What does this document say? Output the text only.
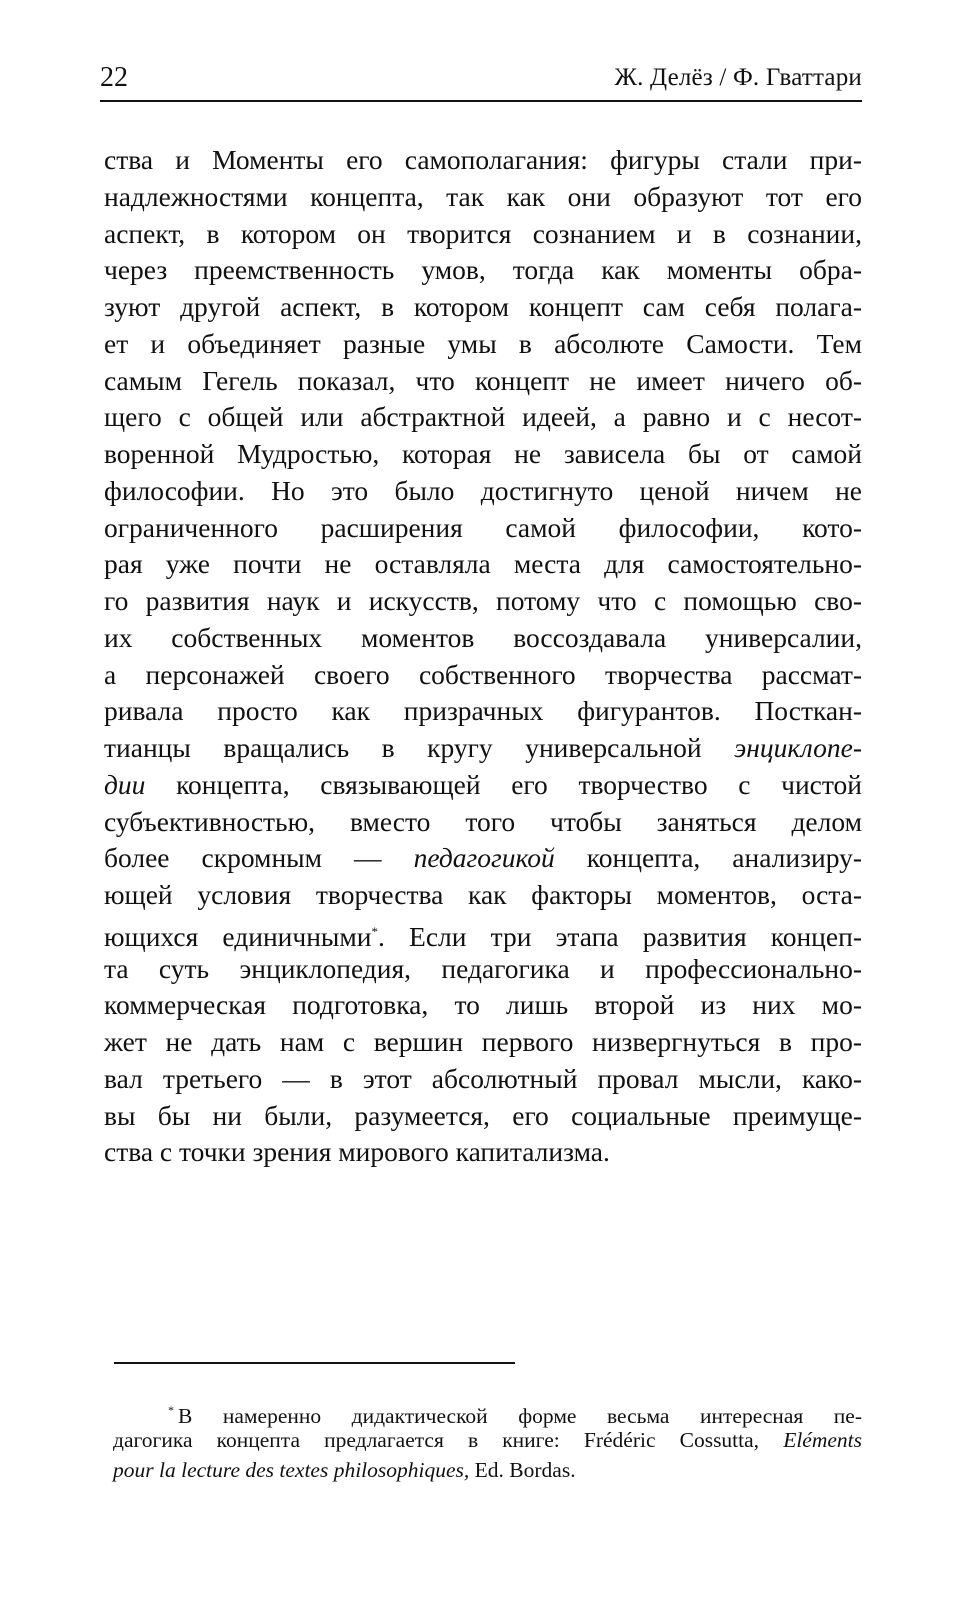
22	Ж. Делёз / Ф. Гваттари
ства и Моменты его самополагания: фигуры стали при-
надлежностями концепта, так как они образуют тот его
аспект, в котором он творится сознанием и в сознании,
через преемственность умов, тогда как моменты обра-
зуют другой аспект, в котором концепт сам себя полага-
ет и объединяет разные умы в абсолюте Самости. Тем
самым Гегель показал, что концепт не имеет ничего об-
щего с общей или абстрактной идеей, а равно и с несот-
воренной Мудростью, которая не зависела бы от самой
философии. Но это было достигнуто ценой ничем не
ограниченного расширения самой философии, кото-
рая уже почти не оставляла места для самостоятельно-
го развития наук и искусств, потому что с помощью сво-
их собственных моментов воссоздавала универсалии,
а персонажей своего собственного творчества рассмат-
ривала просто как призрачных фигурантов. Посткан-
тианцы вращались в кругу универсальной энциклопе-
дии концепта, связывающей его творчество с чистой
субъективностью, вместо того чтобы заняться делом
более скромным — педагогикой концепта, анализиру-
ющей условия творчества как факторы моментов, оста-
ющихся единичными*. Если три этапа развития концеп-
та суть энциклопедия, педагогика и профессионально-
коммерческая подготовка, то лишь второй из них мо-
жет не дать нам с вершин первого низвергнуться в про-
вал третьего — в этот абсолютный провал мысли, како-
вы бы ни были, разумеется, его социальные преимуще-
ства с точки зрения мирового капитализма.
* В намеренно дидактической форме весьма интересная пе-
дагогика концепта предлагается в книге: Frédéric Cossutta, Eléments
pour la lecture des textes philosophiques, Ed. Bordas.
